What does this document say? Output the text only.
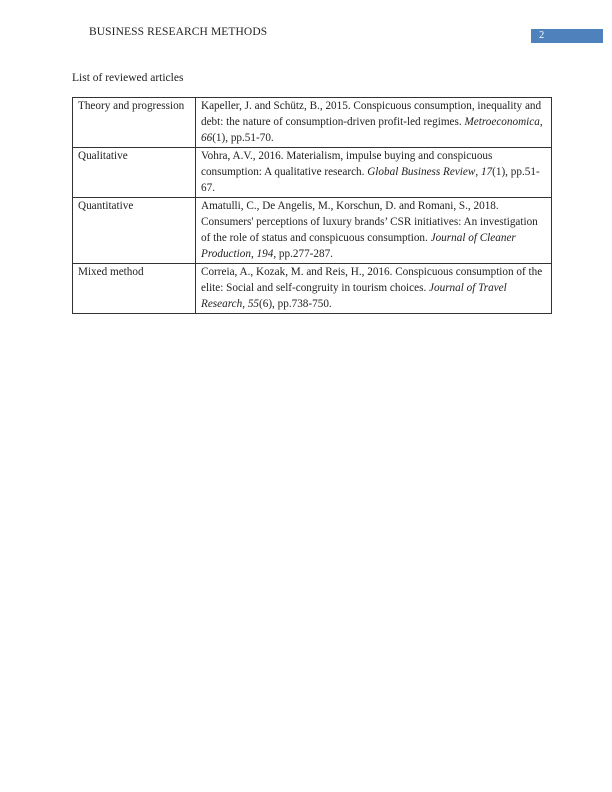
BUSINESS RESEARCH METHODS	2
List of reviewed articles
Theory and progression	Kapeller, J. and Schütz, B., 2015. Conspicuous consumption, inequality and debt: the nature of consumption-driven profit-led regimes. Metroeconomica, 66(1), pp.51-70.
Qualitative	Vohra, A.V., 2016. Materialism, impulse buying and conspicuous consumption: A qualitative research. Global Business Review, 17(1), pp.51-67.
Quantitative	Amatulli, C., De Angelis, M., Korschun, D. and Romani, S., 2018. Consumers' perceptions of luxury brands’ CSR initiatives: An investigation of the role of status and conspicuous consumption. Journal of Cleaner Production, 194, pp.277-287.
Mixed method	Correia, A., Kozak, M. and Reis, H., 2016. Conspicuous consumption of the elite: Social and self-congruity in tourism choices. Journal of Travel Research, 55(6), pp.738-750.
